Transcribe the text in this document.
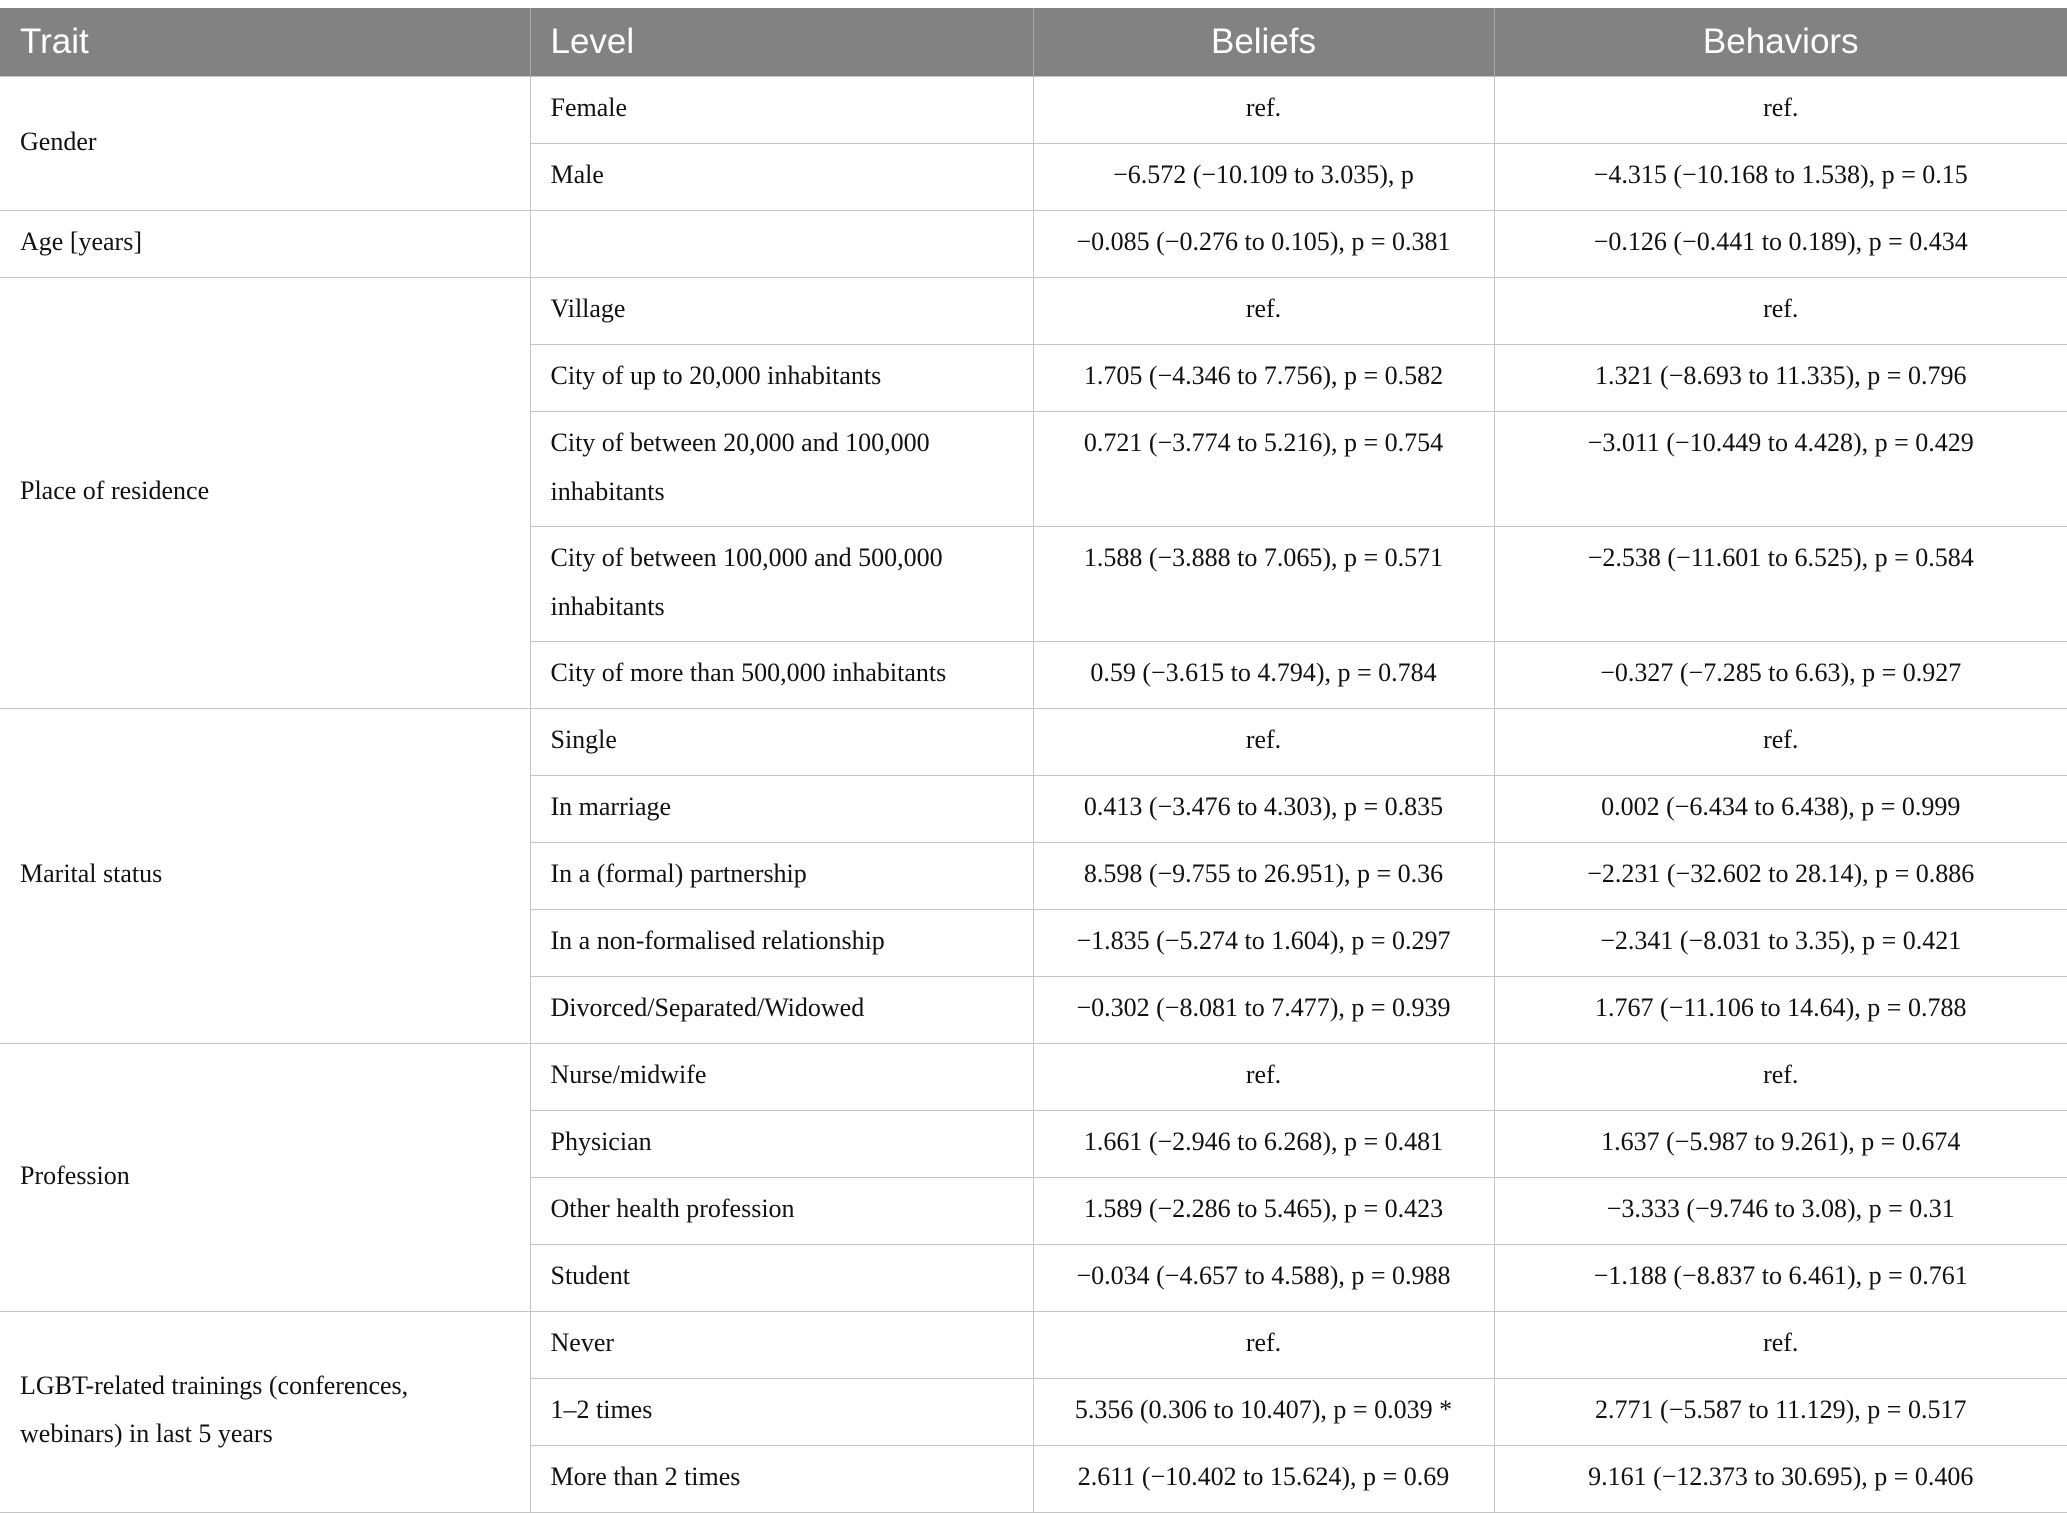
Trait	Level	Beliefs	Behaviors
Gender	Female	ref.	ref.
	Male	−6.572 (−10.109 to 3.035), p	−4.315 (−10.168 to 1.538), p = 0.15
Age [years]		−0.085 (−0.276 to 0.105), p = 0.381	−0.126 (−0.441 to 0.189), p = 0.434
Place of residence	Village	ref.	ref.
	City of up to 20,000 inhabitants	1.705 (−4.346 to 7.756), p = 0.582	1.321 (−8.693 to 11.335), p = 0.796
	City of between 20,000 and 100,000 inhabitants	0.721 (−3.774 to 5.216), p = 0.754	−3.011 (−10.449 to 4.428), p = 0.429
	City of between 100,000 and 500,000 inhabitants	1.588 (−3.888 to 7.065), p = 0.571	−2.538 (−11.601 to 6.525), p = 0.584
	City of more than 500,000 inhabitants	0.59 (−3.615 to 4.794), p = 0.784	−0.327 (−7.285 to 6.63), p = 0.927
Marital status	Single	ref.	ref.
	In marriage	0.413 (−3.476 to 4.303), p = 0.835	0.002 (−6.434 to 6.438), p = 0.999
	In a (formal) partnership	8.598 (−9.755 to 26.951), p = 0.36	−2.231 (−32.602 to 28.14), p = 0.886
	In a non-formalised relationship	−1.835 (−5.274 to 1.604), p = 0.297	−2.341 (−8.031 to 3.35), p = 0.421
	Divorced/Separated/Widowed	−0.302 (−8.081 to 7.477), p = 0.939	1.767 (−11.106 to 14.64), p = 0.788
Profession	Nurse/midwife	ref.	ref.
	Physician	1.661 (−2.946 to 6.268), p = 0.481	1.637 (−5.987 to 9.261), p = 0.674
	Other health profession	1.589 (−2.286 to 5.465), p = 0.423	−3.333 (−9.746 to 3.08), p = 0.31
	Student	−0.034 (−4.657 to 4.588), p = 0.988	−1.188 (−8.837 to 6.461), p = 0.761
LGBT-related trainings (conferences, webinars) in last 5 years	Never	ref.	ref.
	1–2 times	5.356 (0.306 to 10.407), p = 0.039 *	2.771 (−5.587 to 11.129), p = 0.517
	More than 2 times	2.611 (−10.402 to 15.624), p = 0.69	9.161 (−12.373 to 30.695), p = 0.406
